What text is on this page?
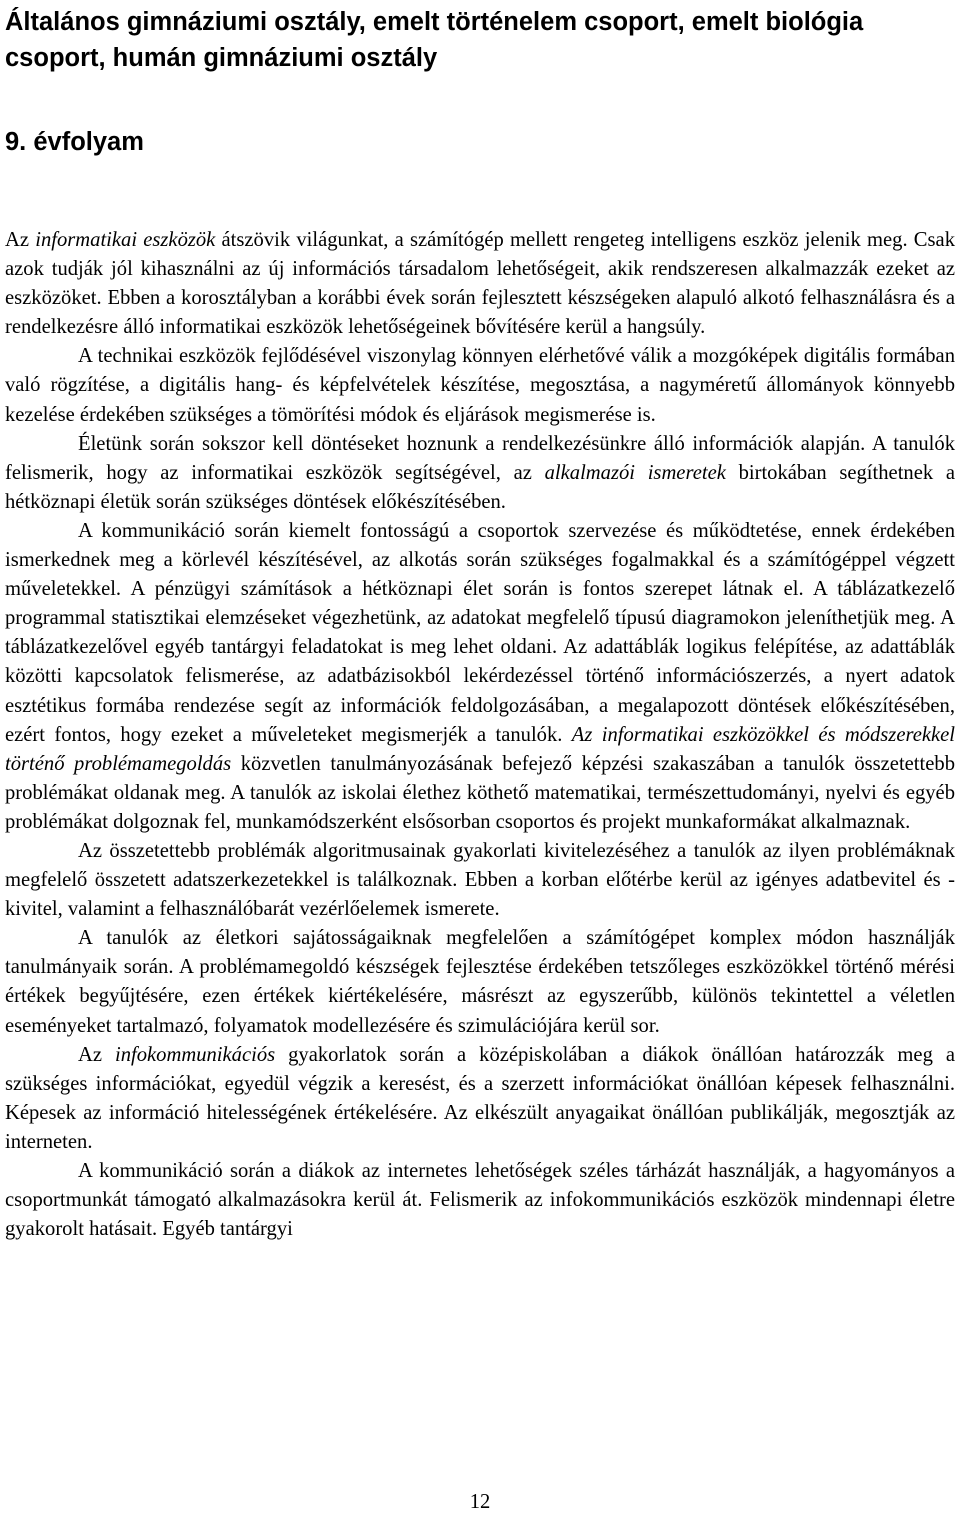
Általános gimnáziumi osztály, emelt történelem csoport, emelt biológia csoport, humán gimnáziumi osztály
9. évfolyam

Az informatikai eszközök átszövik világunkat, a számítógép mellett rengeteg intelligens eszköz jelenik meg. Csak azok tudják jól kihasználni az új információs társadalom lehetőségeit, akik rendszeresen alkalmazzák ezeket az eszközöket. Ebben a korosztályban a korábbi évek során fejlesztett készségeken alapuló alkotó felhasználásra és a rendelkezésre álló informatikai eszközök lehetőségeinek bővítésére kerül a hangsúly.

A technikai eszközök fejlődésével viszonylag könnyen elérhetővé válik a mozgóképek digitális formában való rögzítése, a digitális hang- és képfelvételek készítése, megosztása, a nagyméretű állományok könnyebb kezelése érdekében szükséges a tömörítési módok és eljárások megismerése is.

Életünk során sokszor kell döntéseket hoznunk a rendelkezésünkre álló információk alapján. A tanulók felismerik, hogy az informatikai eszközök segítségével, az alkalmazói ismeretek birtokában segíthetnek a hétköznapi életük során szükséges döntések előkészítésében.

A kommunikáció során kiemelt fontosságú a csoportok szervezése és működtetése, ennek érdekében ismerkednek meg a körlevél készítésével, az alkotás során szükséges fogalmakkal és a számítógéppel végzett műveletekkel. A pénzügyi számítások a hétköznapi élet során is fontos szerepet látnak el. A táblázatkezelő programmal statisztikai elemzéseket végezhetünk, az adatokat megfelelő típusú diagramokon jeleníthetjük meg. A táblázatkezelővel egyéb tantárgyi feladatokat is meg lehet oldani. Az adattáblák logikus felépítése, az adattáblák közötti kapcsolatok felismerése, az adatbázisokból lekérdezéssel történő információszerzés, a nyert adatok esztétikus formába rendezése segít az információk feldolgozásában, a megalapozott döntések előkészítésében, ezért fontos, hogy ezeket a műveleteket megismerjék a tanulók. Az informatikai eszközökkel és módszerekkel történő problémamegoldás közvetlen tanulmányozásának befejező képzési szakaszában a tanulók összetettebb problémákat oldanak meg. A tanulók az iskolai élethez köthető matematikai, természettudományi, nyelvi és egyéb problémákat dolgoznak fel, munkamódszerként elsősorban csoportos és projekt munkaformákat alkalmaznak.

Az összetettebb problémák algoritmusainak gyakorlati kivitelezéséhez a tanulók az ilyen problémáknak megfelelő összetett adatszerkezetekkel is találkoznak. Ebben a korban előtérbe kerül az igényes adatbevitel és -kivitel, valamint a felhasználóbarát vezérlőelemek ismerete.

A tanulók az életkori sajátosságaiknak megfelelően a számítógépet komplex módon használják tanulmányaik során. A problémamegoldó készségek fejlesztése érdekében tetszőleges eszközökkel történő mérési értékek begyűjtésére, ezen értékek kiértékelésére, másrészt az egyszerűbb, különös tekintettel a véletlen eseményeket tartalmazó, folyamatok modellezésére és szimulációjára kerül sor.

Az infokommunikációs gyakorlatok során a középiskolában a diákok önállóan határozzák meg a szükséges információkat, egyedül végzik a keresést, és a szerzett információkat önállóan képesek felhasználni. Képesek az információ hitelességének értékelésére. Az elkészült anyagaikat önállóan publikálják, megosztják az interneten.

A kommunikáció során a diákok az internetes lehetőségek széles tárházát használják, a hagyományos a csoportmunkát támogató alkalmazásokra kerül át. Felismerik az infokommunikációs eszközök mindennapi életre gyakorolt hatásait. Egyéb tantárgyi

12
